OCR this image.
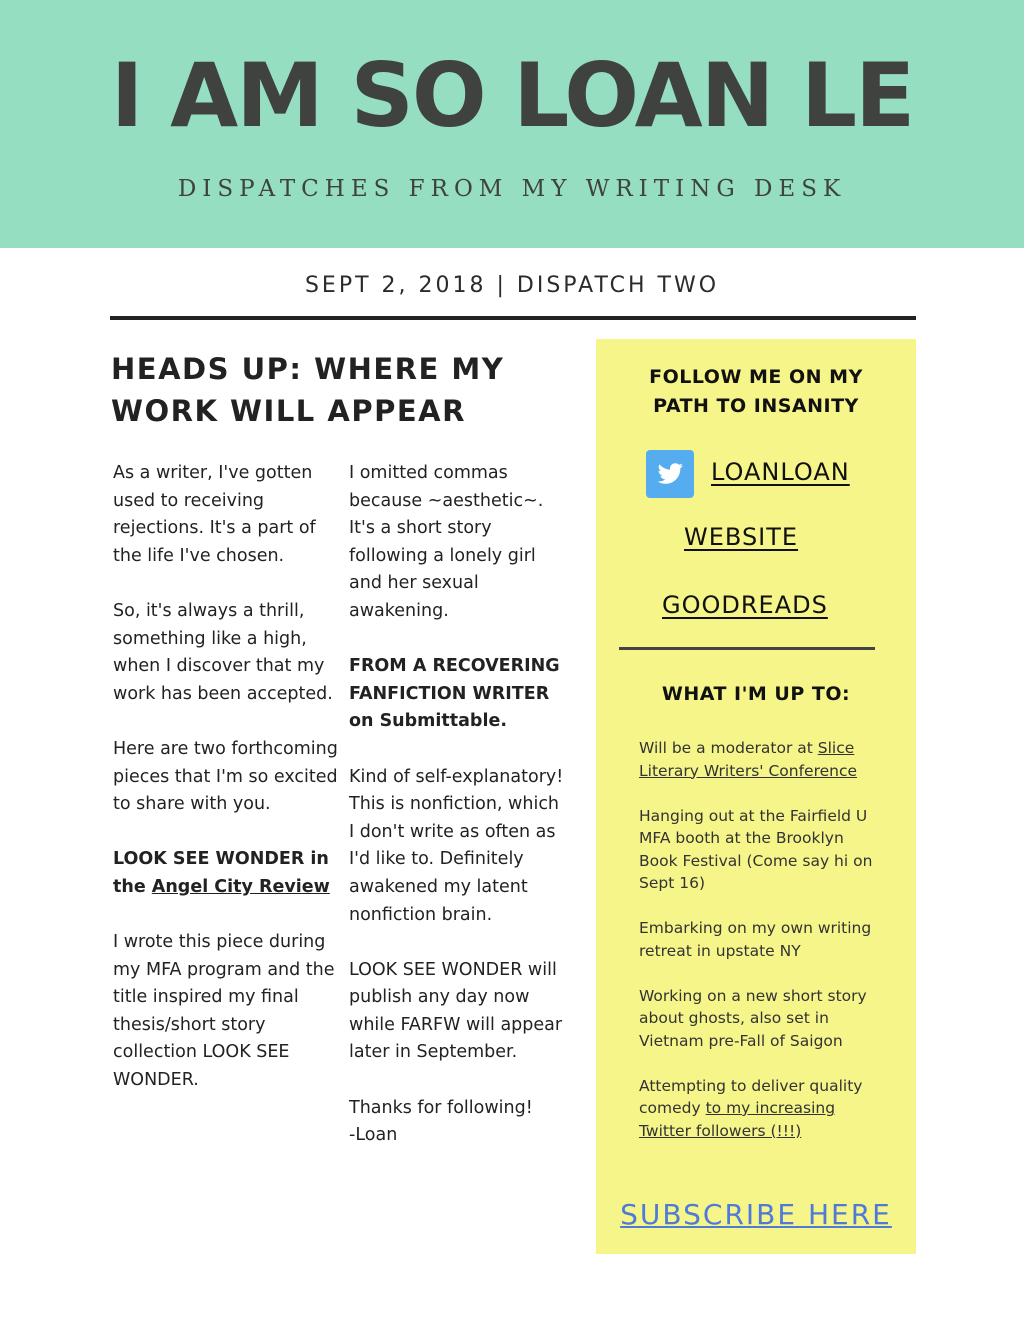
I AM SO LOAN LE
DISPATCHES FROM MY WRITING DESK
SEPT 2, 2018 | DISPATCH TWO
HEADS UP: WHERE MY WORK WILL APPEAR

As a writer, I've gotten used to receiving rejections. It's a part of the life I've chosen.

So, it's always a thrill, something like a high, when I discover that my work has been accepted.

Here are two forthcoming pieces that I'm so excited to share with you.

LOOK SEE WONDER in the Angel City Review

I wrote this piece during my MFA program and the title inspired my final thesis/short story collection LOOK SEE WONDER.

I omitted commas because ~aesthetic~. It's a short story following a lonely girl and her sexual awakening.

FROM A RECOVERING FANFICTION WRITER on Submittable.

Kind of self-explanatory! This is nonfiction, which I don't write as often as I'd like to. Definitely awakened my latent nonfiction brain.

LOOK SEE WONDER will publish any day now while FARFW will appear later in September.

Thanks for following!
-Loan

FOLLOW ME ON MY PATH TO INSANITY
LOANLOAN
WEBSITE
GOODREADS
WHAT I'M UP TO:
Will be a moderator at Slice Literary Writers' Conference
Hanging out at the Fairfield U MFA booth at the Brooklyn Book Festival (Come say hi on Sept 16)
Embarking on my own writing retreat in upstate NY
Working on a new short story about ghosts, also set in Vietnam pre-Fall of Saigon
Attempting to deliver quality comedy to my increasing Twitter followers (!!!)
SUBSCRIBE HERE
